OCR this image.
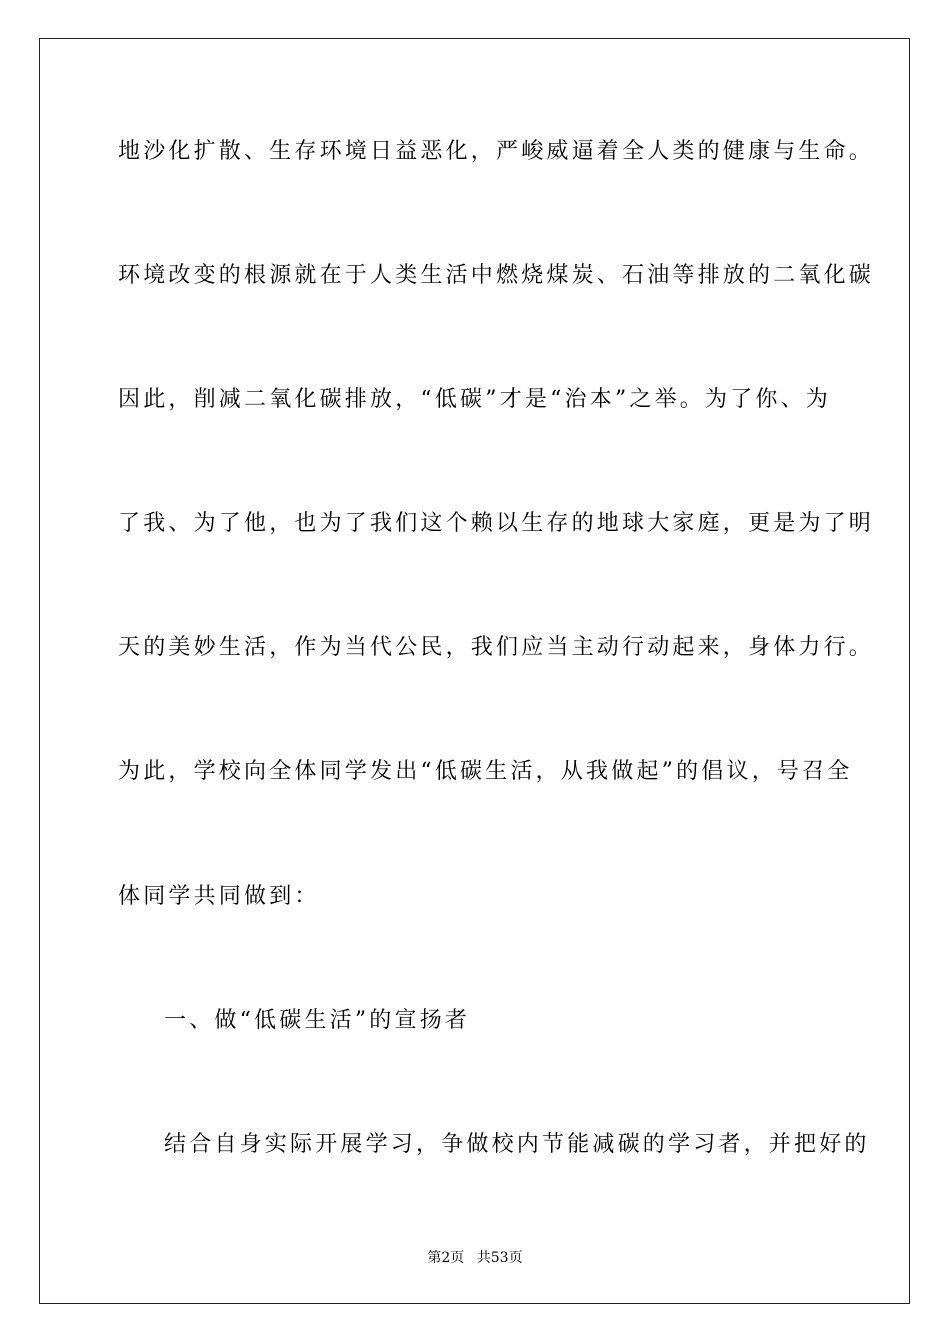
地沙化扩散、生存环境日益恶化，严峻威逼着全人类的健康与生命。
环境改变的根源就在于人类生活中燃烧煤炭、石油等排放的二氧化碳
因此，削减二氧化碳排放，“低碳”才是“治本”之举。为了你、为
了我、为了他，也为了我们这个赖以生存的地球大家庭，更是为了明
天的美妙生活，作为当代公民，我们应当主动行动起来，身体力行。
为此，学校向全体同学发出“低碳生活，从我做起”的倡议，号召全
体同学共同做到：
一、做“低碳生活”的宣扬者
结合自身实际开展学习，争做校内节能减碳的学习者，并把好的
第2页 共53页
